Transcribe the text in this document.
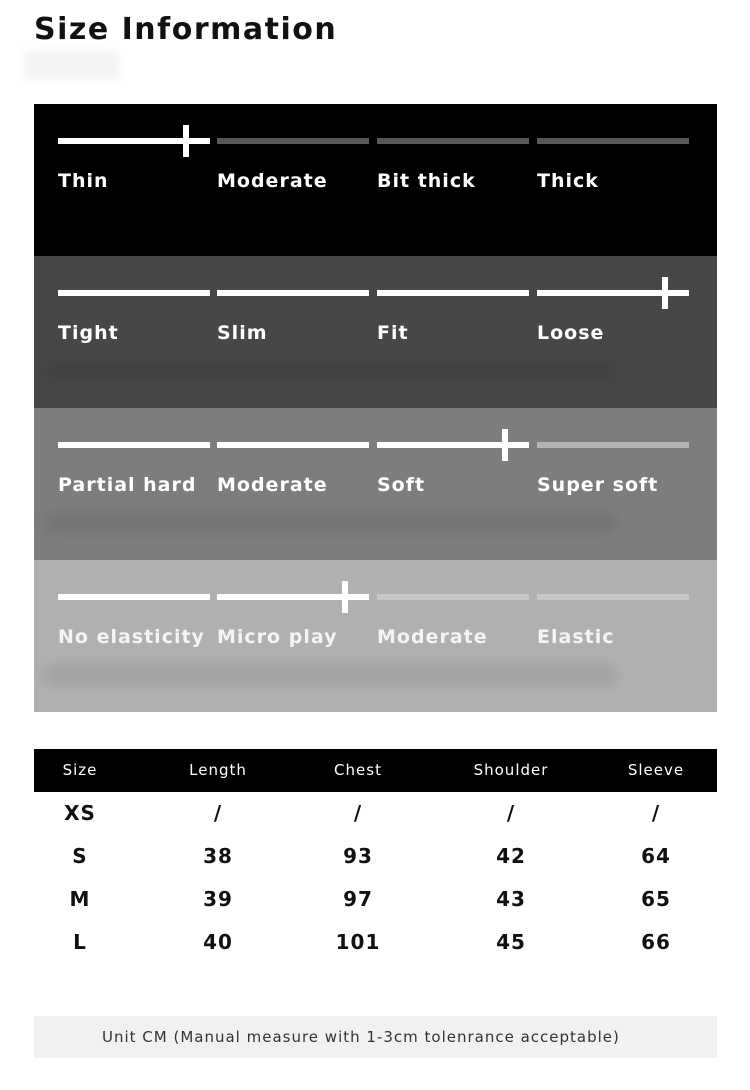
Size Information
Thin	Moderate	Bit thick	Thick
Tight	Slim	Fit	Loose
Partial hard Moderate	Soft	Super soft
No elasticity Micro play Moderate	Elastic
Size	Length	Chest	Shoulder	Sleeve
XS	/	/	/	/
S	38	93	42	64
M	39	97	43	65
L	40	101	45	66
Unit CM (Manual measure with 1-3cm tolenrance acceptable)
